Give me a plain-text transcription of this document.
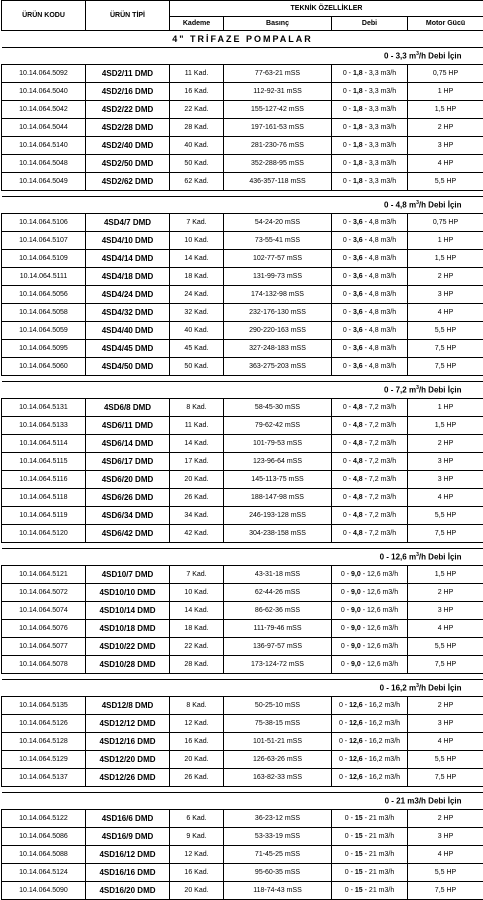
ÜRÜN KODU	ÜRÜN TİPİ	TEKNİK ÖZELLİKLER			
		Kademe	Basınç	Debi	Motor Gücü
4" TRİFAZE POMPALAR					
0 - 3,3 $m^3/h$ Debi İçin					
10.14.064.5092	4SD2/11 DMD	11 Kad.	77-63-21 mSS	0 - 1,8 - 3,3 m3/h	0,75 HP
10.14.064.5040	4SD2/16 DMD	16 Kad.	112-92-31 mSS	0 - 1,8 - 3,3 m3/h	1 HP
10.14.064.5042	4SD2/22 DMD	22 Kad.	155-127-42 mSS	0 - 1,8 - 3,3 m3/h	1,5 HP
10.14.064.5044	4SD2/28 DMD	28 Kad.	197-161-53 mSS	0 - 1,8 - 3,3 m3/h	2 HP
10.14.064.5140	4SD2/40 DMD	40 Kad.	281-230-76 mSS	0 - 1,8 - 3,3 m3/h	3 HP
10.14.064.5048	4SD2/50 DMD	50 Kad.	352-288-95 mSS	0 - 1,8 - 3,3 m3/h	4 HP
10.14.064.5049	4SD2/62 DMD	62 Kad.	436-357-118 mSS	0 - 1,8 - 3,3 m3/h	5,5 HP

0 - 4,8 $m^3/h$ Debi İçin					
10.14.064.5106	4SD4/7 DMD	7 Kad.	54-24-20 mSS	0 - 3,6 - 4,8 m3/h	0,75 HP
10.14.064.5107	4SD4/10 DMD	10 Kad.	73-55-41 mSS	0 - 3,6 - 4,8 m3/h	1 HP
10.14.064.5109	4SD4/14 DMD	14 Kad.	102-77-57 mSS	0 - 3,6 - 4,8 m3/h	1,5 HP
10.14.064.5111	4SD4/18 DMD	18 Kad.	131-99-73 mSS	0 - 3,6 - 4,8 m3/h	2 HP
10.14.064.5056	4SD4/24 DMD	24 Kad.	174-132-98 mSS	0 - 3,6 - 4,8 m3/h	3 HP
10.14.064.5058	4SD4/32 DMD	32 Kad.	232-176-130 mSS	0 - 3,6 - 4,8 m3/h	4 HP
10.14.064.5059	4SD4/40 DMD	40 Kad.	290-220-163 mSS	0 - 3,6 - 4,8 m3/h	5,5 HP
10.14.064.5095	4SD4/45 DMD	45 Kad.	327-248-183 mSS	0 - 3,6 - 4,8 m3/h	7,5 HP
10.14.064.5060	4SD4/50 DMD	50 Kad.	363-275-203 mSS	0 - 3,6 - 4,8 m3/h	7,5 HP

0 - 7,2 $m^3/h$ Debi İçin					
10.14.064.5131	4SD6/8 DMD	8 Kad.	58-45-30 mSS	0 - 4,8 - 7,2 m3/h	1 HP
10.14.064.5133	4SD6/11 DMD	11 Kad.	79-62-42 mSS	0 - 4,8 - 7,2 m3/h	1,5 HP
10.14.064.5114	4SD6/14 DMD	14 Kad.	101-79-53 mSS	0 - 4,8 - 7,2 m3/h	2 HP
10.14.064.5115	4SD6/17 DMD	17 Kad.	123-96-64 mSS	0 - 4,8 - 7,2 m3/h	3 HP
10.14.064.5116	4SD6/20 DMD	20 Kad.	145-113-75 mSS	0 - 4,8 - 7,2 m3/h	3 HP
10.14.064.5118	4SD6/26 DMD	26 Kad.	188-147-98 mSS	0 - 4,8 - 7,2 m3/h	4 HP
10.14.064.5119	4SD6/34 DMD	34 Kad.	246-193-128 mSS	0 - 4,8 - 7,2 m3/h	5,5 HP
10.14.064.5120	4SD6/42 DMD	42 Kad.	304-238-158 mSS	0 - 4,8 - 7,2 m3/h	7,5 HP

0 - 12,6 $m^3/h$ Debi İçin					
10.14.064.5121	4SD10/7 DMD	7 Kad.	43-31-18 mSS	0 - 9,0 - 12,6 m3/h	1,5 HP
10.14.064.5072	4SD10/10 DMD	10 Kad.	62-44-26 mSS	0 - 9,0 - 12,6 m3/h	2 HP
10.14.064.5074	4SD10/14 DMD	14 Kad.	86-62-36 mSS	0 - 9,0 - 12,6 m3/h	3 HP
10.14.064.5076	4SD10/18 DMD	18 Kad.	111-79-46 mSS	0 - 9,0 - 12,6 m3/h	4 HP
10.14.064.5077	4SD10/22 DMD	22 Kad.	136-97-57 mSS	0 - 9,0 - 12,6 m3/h	5,5 HP
10.14.064.5078	4SD10/28 DMD	28 Kad.	173-124-72 mSS	0 - 9,0 - 12,6 m3/h	7,5 HP

0 - 16,2 $m^3/h$ Debi İçin					
10.14.064.5135	4SD12/8 DMD	8 Kad.	50-25-10 mSS	0 - 12,6 - 16,2 m3/h	2 HP
10.14.064.5126	4SD12/12 DMD	12 Kad.	75-38-15 mSS	0 - 12,6 - 16,2 m3/h	3 HP
10.14.064.5128	4SD12/16 DMD	16 Kad.	101-51-21 mSS	0 - 12,6 - 16,2 m3/h	4 HP
10.14.064.5129	4SD12/20 DMD	20 Kad.	126-63-26 mSS	0 - 12,6 - 16,2 m3/h	5,5 HP
10.14.064.5137	4SD12/26 DMD	26 Kad.	163-82-33 mSS	0 - 12,6 - 16,2 m3/h	7,5 HP

0 - 21 m3/h Debi İçin					
10.14.064.5122	4SD16/6 DMD	6 Kad.	36-23-12 mSS	0 - 15 - 21 m3/h	2 HP
10.14.064.5086	4SD16/9 DMD	9 Kad.	53-33-19 mSS	0 - 15 - 21 m3/h	3 HP
10.14.064.5088	4SD16/12 DMD	12 Kad.	71-45-25 mSS	0 - 15 - 21 m3/h	4 HP
10.14.064.5124	4SD16/16 DMD	16 Kad.	95-60-35 mSS	0 - 15 - 21 m3/h	5,5 HP
10.14.064.5090	4SD16/20 DMD	20 Kad.	118-74-43 mSS	0 - 15 - 21 m3/h	7,5 HP
